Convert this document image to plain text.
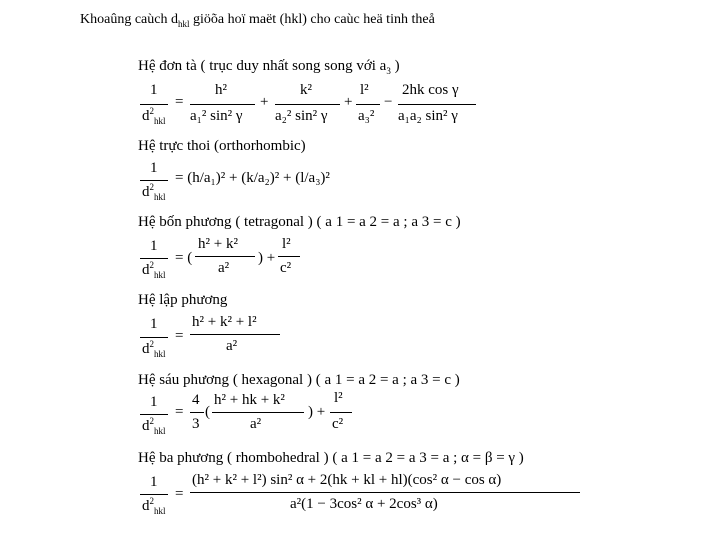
Khoaûng caùch $d_{hkl}$ giöõa hoï maët (hkl) cho caùc heä tinh theå
Hệ đơn tà ( trục duy nhất song song với $a_3$ )
1
$d^2_{hkl}$
=
h²
a₁² sin² γ
+
k²
a₂² sin² γ
+
l²
a₃²
−
2hk cos γ
a₁a₂ sin² γ
Hệ trực thoi (orthorhombic)
1
$d^2_{hkl}$
= (h/a₁)² + (k/a₂)² + (l/a₃)²
Hệ bốn phương ( tetragonal ) ( a 1 = a 2 = a ; a 3 = c )
1
$d^2_{hkl}$
= (
h² + k²
a²
) +
l²
c²
Hệ lập phương
1
$d^2_{hkl}$
=
h² + k² + l²
a²
Hệ sáu phương ( hexagonal ) ( a 1 = a 2 = a ; a 3 = c )
1
$d^2_{hkl}$
=
4
3
(
h² + hk + k²
a²
) +
l²
c²
Hệ ba phương ( rhombohedral ) ( a 1 = a 2 = a 3 = a ; α = β = γ )
1
$d^2_{hkl}$
=
(h² + k² + l²) sin² α + 2(hk + kl + hl)(cos² α − cos α)
a²(1 − 3cos² α + 2cos³ α)
